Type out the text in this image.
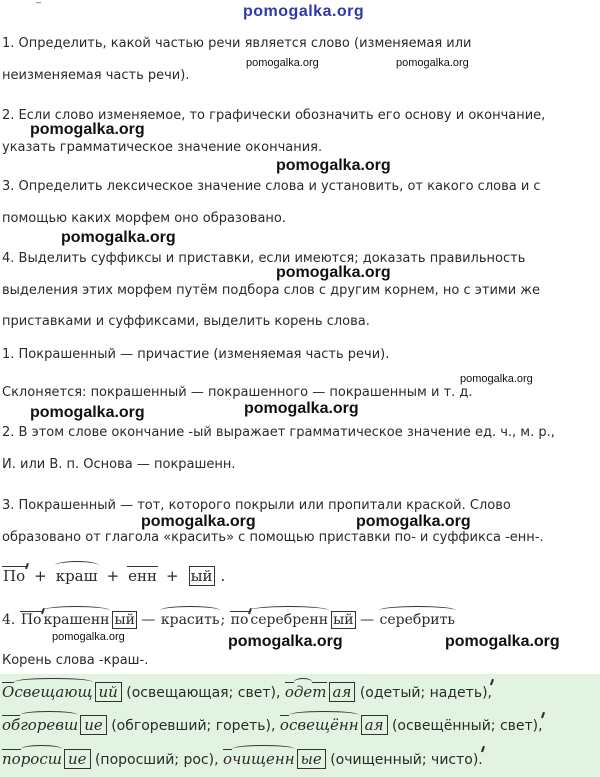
‾	pomogalka.org
1. Определить, какой частью речи является слово (изменяемая или
неизменяемая часть речи).
2. Если слово изменяемое, то графически обозначить его основу и окончание,
указать грамматическое значение окончания.
3. Определить лексическое значение слова и установить, от какого слова и с
помощью каких морфем оно образовано.
4. Выделить суффиксы и приставки, если имеются; доказать правильность
выделения этих морфем путём подбора слов с другим корнем, но с этими же
приставками и суффиксами, выделить корень слова.
1. Покрашенный — причастие (изменяемая часть речи).
Склоняется: покрашенный — покрашенного — покрашенным и т. д.
2. В этом слове окончание -ый выражает грамматическое значение ед. ч., м. р.,
И. или В. п. Основа — покрашенн.
3. Покрашенный — тот, которого покрыли или пропитали краской. Слово
образовано от глагола «красить» с помощью приставки по- и суффикса -енн-.
По + краш + енн + ый .
4. По крашенн ый — красить; по серебренн ый — серебрить
Корень слова -краш-.
Освещающ ий (освещающая; свет), одет ая (одетый; надеть),
обгоревш ие (обгоревший; гореть), освещённ ая (освещённый; свет),
поросш ие (поросший; рос), очищенн ые (очищенный; чисто).
pomogalka.org	pomogalka.org
pomogalka.org
pomogalka.org
pomogalka.org
pomogalka.org
pomogalka.org
pomogalka.org	pomogalka.org
pomogalka.org	pomogalka.org
pomogalka.org	pomogalka.org	pomogalka.org
